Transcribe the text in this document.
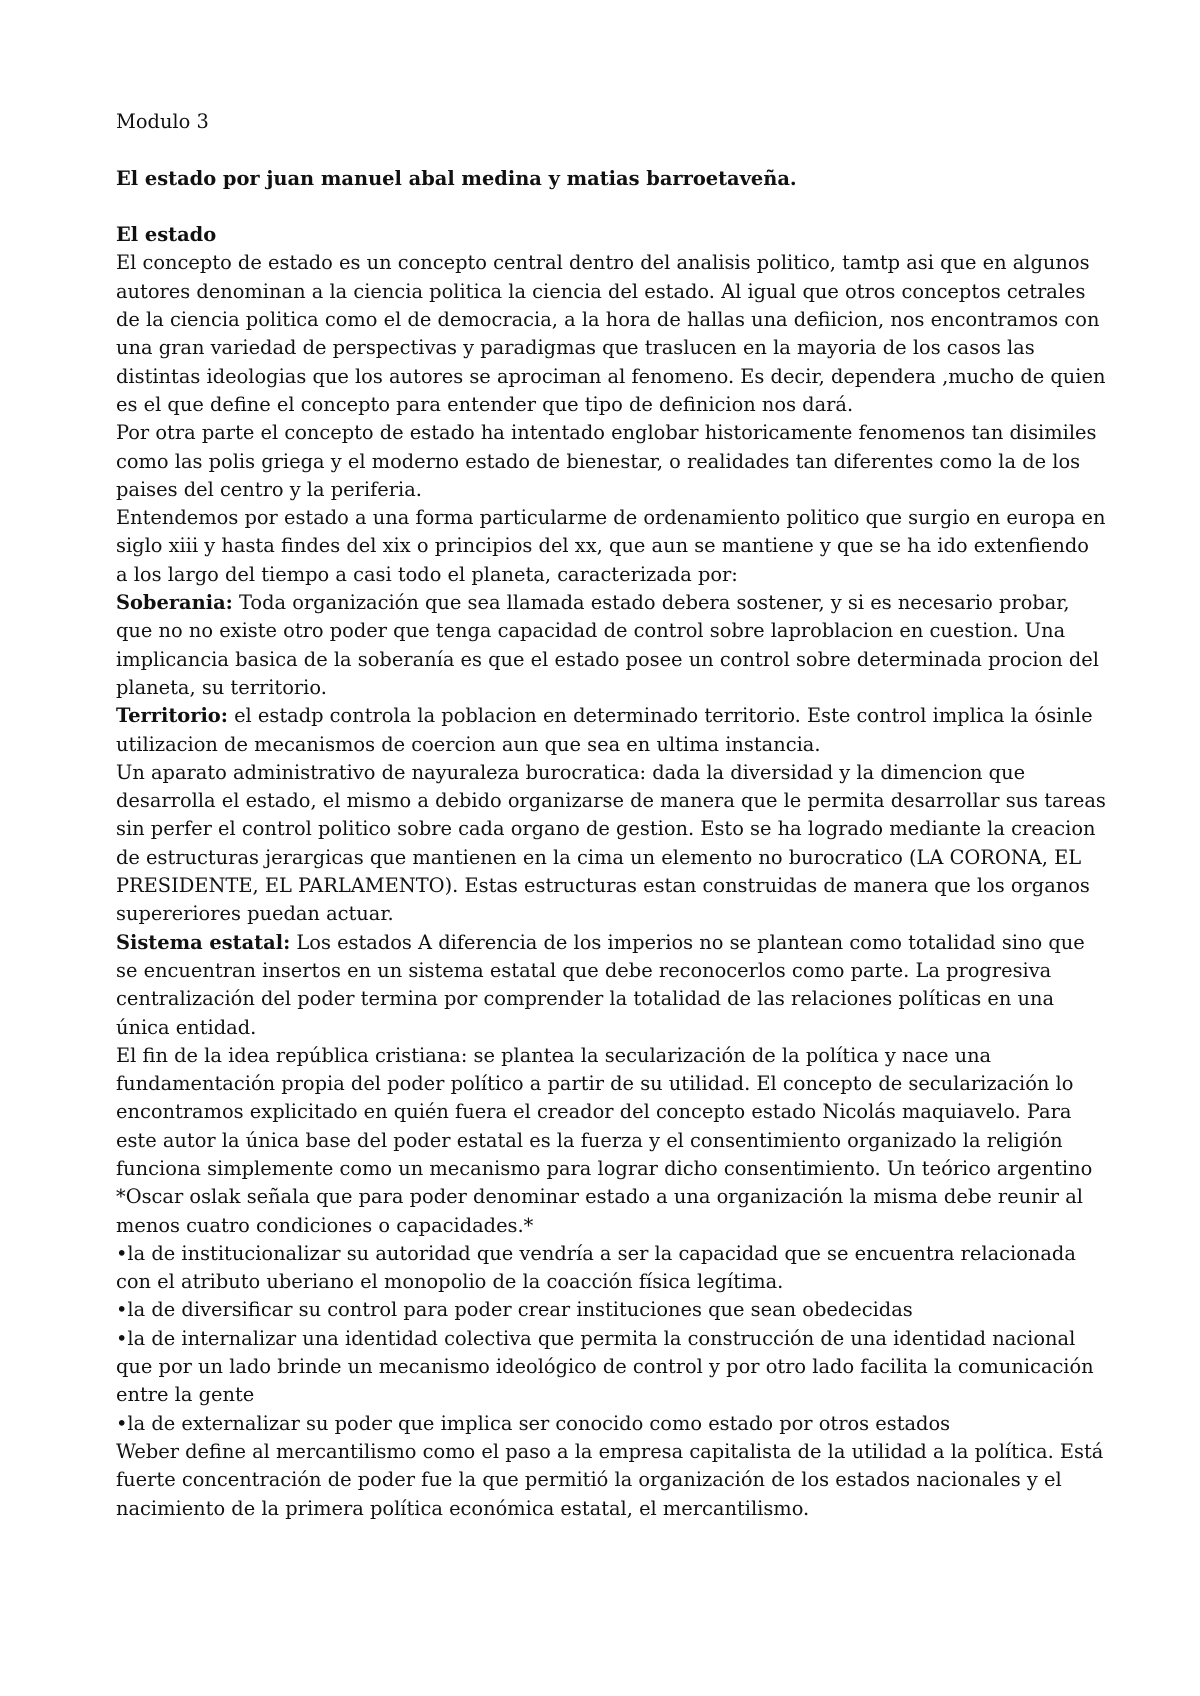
Modulo 3

El estado por juan manuel abal medina y matias barroetaveña.

El estado

El concepto de estado es un concepto central dentro del analisis politico, tamtp asi que en algunos autores denominan a la ciencia politica la ciencia del estado. Al igual que otros conceptos cetrales de la ciencia politica como el de democracia, a la hora de hallas una defiicion, nos encontramos con una gran variedad de perspectivas y paradigmas que traslucen en la mayoria de los casos las distintas ideologias que los autores se aprociman al fenomeno. Es decir, dependera ,mucho de quien es el que define el concepto para entender que tipo de definicion nos dará.

Por otra parte el concepto de estado ha intentado englobar historicamente fenomenos tan disimiles como las polis griega y el moderno estado de bienestar, o realidades tan diferentes como la de los paises del centro y la periferia.

Entendemos por estado a una forma particularme de ordenamiento politico que surgio en europa en siglo xiii y hasta findes del xix o principios del xx, que aun se mantiene y que se ha ido extenfiendo a los largo del tiempo a casi todo el planeta, caracterizada por:

Soberania: Toda organización que sea llamada estado debera sostener, y si es necesario probar, que no no existe otro poder que tenga capacidad de control sobre laproblacion en cuestion. Una implicancia basica de la soberanía es que el estado posee un control sobre determinada procion del planeta, su territorio.

Territorio: el estadp controla la poblacion en determinado territorio. Este control implica la ósinle utilizacion de mecanismos de coercion aun que sea en ultima instancia.

Un aparato administrativo de nayuraleza burocratica: dada la diversidad y la dimencion que desarrolla el estado, el mismo a debido organizarse de manera que le permita desarrollar sus tareas sin perfer el control politico sobre cada organo de gestion. Esto se ha logrado mediante la creacion de estructuras jerargicas que mantienen en la cima un elemento no burocratico (LA CORONA, EL PRESIDENTE, EL PARLAMENTO). Estas estructuras estan construidas de manera que los organos supereriores puedan actuar.

Sistema estatal: Los estados A diferencia de los imperios no se plantean como totalidad sino que se encuentran insertos en un sistema estatal que debe reconocerlos como parte. La progresiva centralización del poder termina por comprender la totalidad de las relaciones políticas en una única entidad.

El fin de la idea república cristiana: se plantea la secularización de la política y nace una fundamentación propia del poder político a partir de su utilidad. El concepto de secularización lo encontramos explicitado en quién fuera el creador del concepto estado Nicolás maquiavelo. Para este autor la única base del poder estatal es la fuerza y el consentimiento organizado la religión funciona simplemente como un mecanismo para lograr dicho consentimiento. Un teórico argentino

*Oscar oslak señala que para poder denominar estado a una organización la misma debe reunir al menos cuatro condiciones o capacidades.*

•la de institucionalizar su autoridad que vendría a ser la capacidad que se encuentra relacionada con el atributo uberiano el monopolio de la coacción física legítima.

•la de diversificar su control para poder crear instituciones que sean obedecidas

•la de internalizar una identidad colectiva que permita la construcción de una identidad nacional que por un lado brinde un mecanismo ideológico de control y por otro lado facilita la comunicación entre la gente

•la de externalizar su poder que implica ser conocido como estado por otros estados

Weber define al mercantilismo como el paso a la empresa capitalista de la utilidad a la política. Está fuerte concentración de poder fue la que permitió la organización de los estados nacionales y el nacimiento de la primera política económica estatal, el mercantilismo.
